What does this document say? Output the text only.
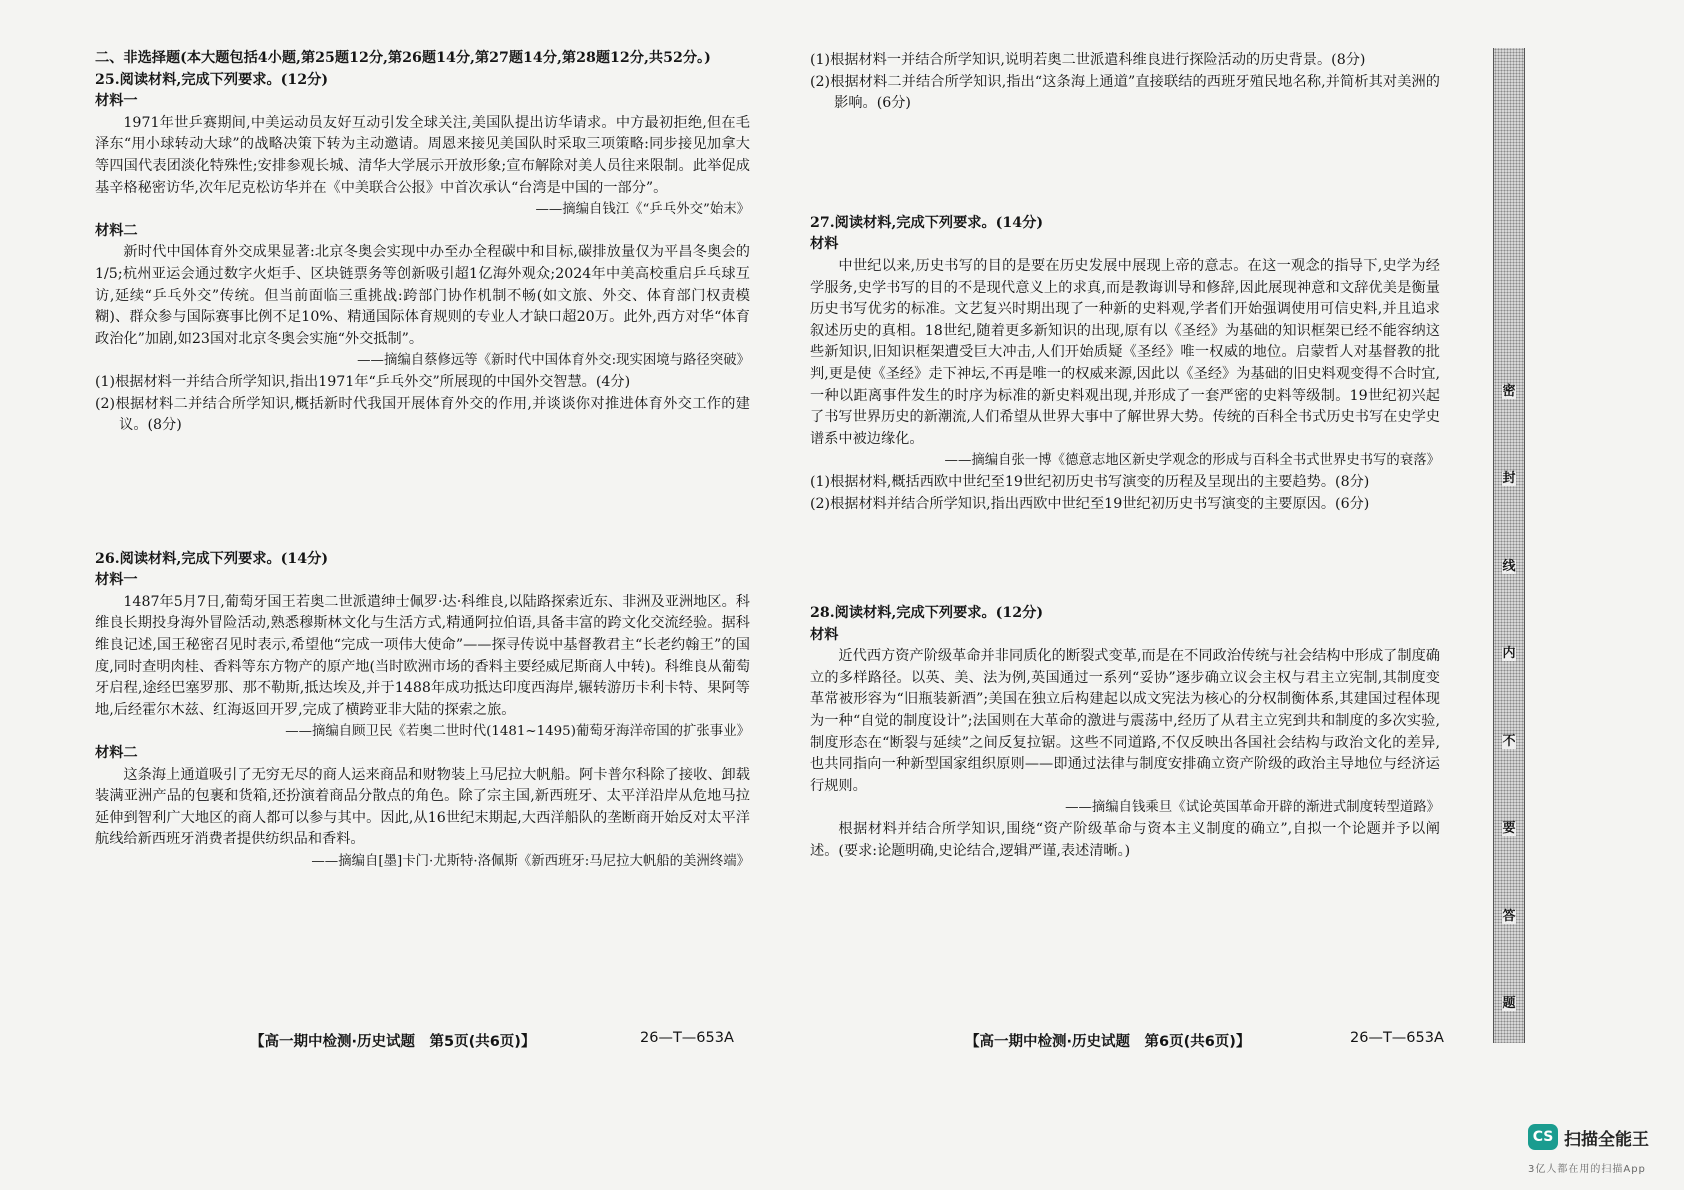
二、非选择题(本大题包括4小题,第25题12分,第26题14分,第27题14分,第28题12分,共52分。)

25.阅读材料,完成下列要求。(12分)

材料一

1971年世乒赛期间,中美运动员友好互动引发全球关注,美国队提出访华请求。中方最初拒绝,但在毛泽东“用小球转动大球”的战略决策下转为主动邀请。周恩来接见美国队时采取三项策略:同步接见加拿大等四国代表团淡化特殊性;安排参观长城、清华大学展示开放形象;宣布解除对美人员往来限制。此举促成基辛格秘密访华,次年尼克松访华并在《中美联合公报》中首次承认“台湾是中国的一部分”。

——摘编自钱江《“乒乓外交”始末》

材料二

新时代中国体育外交成果显著:北京冬奥会实现中办至办全程碳中和目标,碳排放量仅为平昌冬奥会的1/5;杭州亚运会通过数字火炬手、区块链票务等创新吸引超1亿海外观众;2024年中美高校重启乒乓球互访,延续“乒乓外交”传统。但当前面临三重挑战:跨部门协作机制不畅(如文旅、外交、体育部门权责模糊)、群众参与国际赛事比例不足10%、精通国际体育规则的专业人才缺口超20万。此外,西方对华“体育政治化”加剧,如23国对北京冬奥会实施“外交抵制”。

——摘编自蔡修远等《新时代中国体育外交:现实困境与路径突破》

(1)根据材料一并结合所学知识,指出1971年“乒乓外交”所展现的中国外交智慧。(4分)

(2)根据材料二并结合所学知识,概括新时代我国开展体育外交的作用,并谈谈你对推进体育外交工作的建议。(8分)

26.阅读材料,完成下列要求。(14分)

材料一

1487年5月7日,葡萄牙国王若奥二世派遣绅士佩罗·达·科维良,以陆路探索近东、非洲及亚洲地区。科维良长期投身海外冒险活动,熟悉穆斯林文化与生活方式,精通阿拉伯语,具备丰富的跨文化交流经验。据科维良记述,国王秘密召见时表示,希望他“完成一项伟大使命”——探寻传说中基督教君主“长老约翰王”的国度,同时查明肉桂、香料等东方物产的原产地(当时欧洲市场的香料主要经威尼斯商人中转)。科维良从葡萄牙启程,途经巴塞罗那、那不勒斯,抵达埃及,并于1488年成功抵达印度西海岸,辗转游历卡利卡特、果阿等地,后经霍尔木兹、红海返回开罗,完成了横跨亚非大陆的探索之旅。

——摘编自顾卫民《若奥二世时代(1481~1495)葡萄牙海洋帝国的扩张事业》

材料二

这条海上通道吸引了无穷无尽的商人运来商品和财物装上马尼拉大帆船。阿卡普尔科除了接收、卸载装满亚洲产品的包裹和货箱,还扮演着商品分散点的角色。除了宗主国,新西班牙、太平洋沿岸从危地马拉延伸到智利广大地区的商人都可以参与其中。因此,从16世纪末期起,大西洋船队的垄断商开始反对太平洋航线给新西班牙消费者提供纺织品和香料。

——摘编自[墨]卡门·尤斯特·洛佩斯《新西班牙:马尼拉大帆船的美洲终端》

【高一期中检测·历史试题　第5页(共6页)】	26—T—653A

(1)根据材料一并结合所学知识,说明若奥二世派遣科维良进行探险活动的历史背景。(8分)

(2)根据材料二并结合所学知识,指出“这条海上通道”直接联结的西班牙殖民地名称,并简析其对美洲的影响。(6分)

27.阅读材料,完成下列要求。(14分)

材料

中世纪以来,历史书写的目的是要在历史发展中展现上帝的意志。在这一观念的指导下,史学为经学服务,史学书写的目的不是现代意义上的求真,而是教诲训导和修辞,因此展现神意和文辞优美是衡量历史书写优劣的标准。文艺复兴时期出现了一种新的史料观,学者们开始强调使用可信史料,并且追求叙述历史的真相。18世纪,随着更多新知识的出现,原有以《圣经》为基础的知识框架已经不能容纳这些新知识,旧知识框架遭受巨大冲击,人们开始质疑《圣经》唯一权威的地位。启蒙哲人对基督教的批判,更是使《圣经》走下神坛,不再是唯一的权威来源,因此以《圣经》为基础的旧史料观变得不合时宜,一种以距离事件发生的时序为标准的新史料观出现,并形成了一套严密的史料等级制。19世纪初兴起了书写世界历史的新潮流,人们希望从世界大事中了解世界大势。传统的百科全书式历史书写在史学史谱系中被边缘化。

——摘编自张一博《德意志地区新史学观念的形成与百科全书式世界史书写的衰落》

(1)根据材料,概括西欧中世纪至19世纪初历史书写演变的历程及呈现出的主要趋势。(8分)

(2)根据材料并结合所学知识,指出西欧中世纪至19世纪初历史书写演变的主要原因。(6分)

28.阅读材料,完成下列要求。(12分)

材料

近代西方资产阶级革命并非同质化的断裂式变革,而是在不同政治传统与社会结构中形成了制度确立的多样路径。以英、美、法为例,英国通过一系列“妥协”逐步确立议会主权与君主立宪制,其制度变革常被形容为“旧瓶装新酒”;美国在独立后构建起以成文宪法为核心的分权制衡体系,其建国过程体现为一种“自觉的制度设计”;法国则在大革命的激进与震荡中,经历了从君主立宪到共和制度的多次实验,制度形态在“断裂与延续”之间反复拉锯。这些不同道路,不仅反映出各国社会结构与政治文化的差异,也共同指向一种新型国家组织原则——即通过法律与制度安排确立资产阶级的政治主导地位与经济运行规则。

——摘编自钱乘旦《试论英国革命开辟的渐进式制度转型道路》

根据材料并结合所学知识,围绕“资产阶级革命与资本主义制度的确立”,自拟一个论题并予以阐述。(要求:论题明确,史论结合,逻辑严谨,表述清晰。)

【高一期中检测·历史试题　第6页(共6页)】	26—T—653A
密
封
线
内
不
要
答
题
CS 扫描全能王
3亿人都在用的扫描App
